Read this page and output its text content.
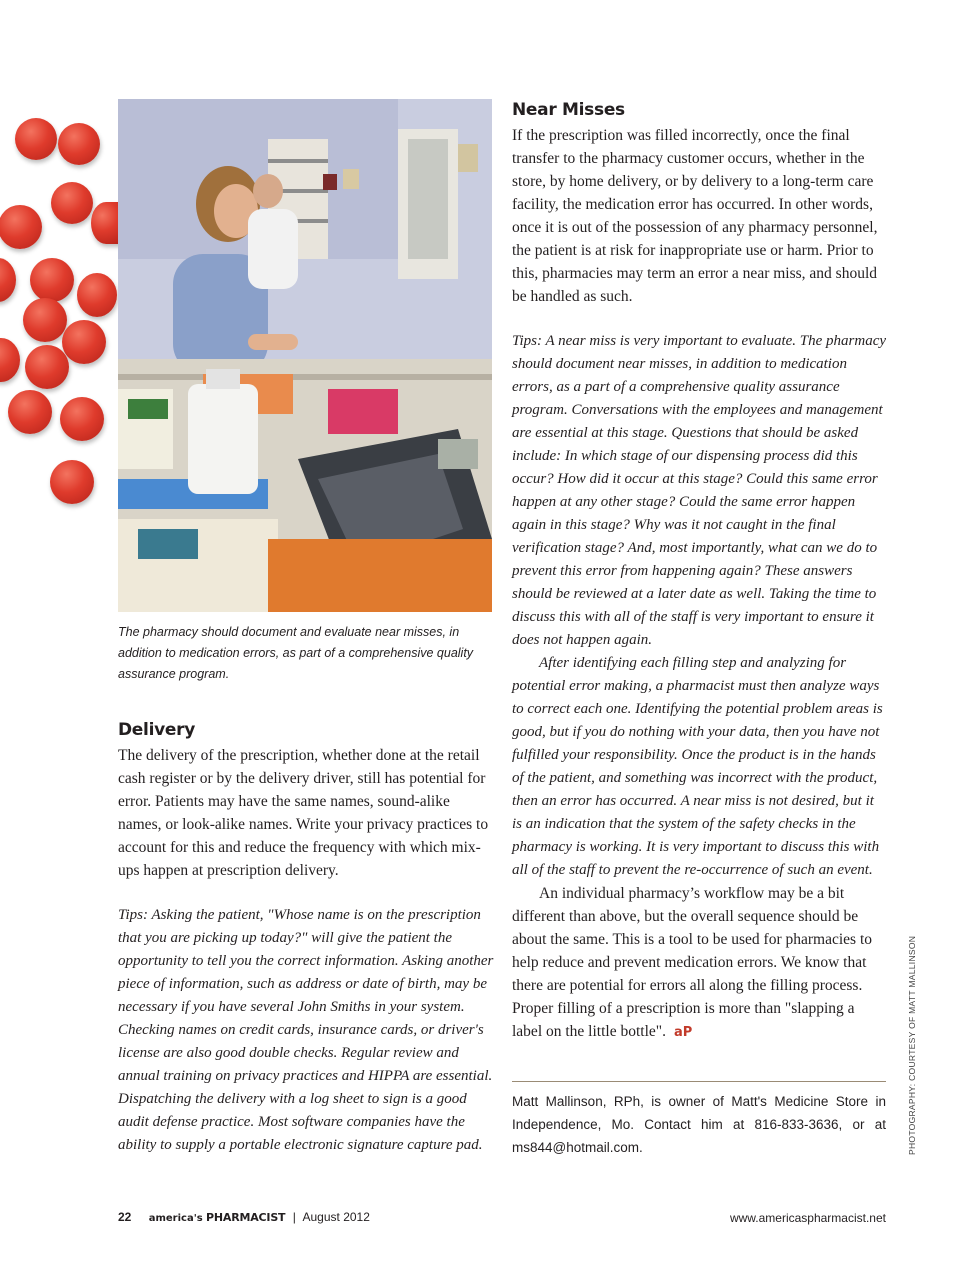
The pharmacy should document and evaluate near misses, in addition to medication errors, as part of a comprehensive quality assurance program.
Delivery

The delivery of the prescription, whether done at the retail cash register or by the delivery driver, still has potential for error. Patients may have the same names, sound-alike names, or look-alike names. Write your privacy practices to account for this and reduce the frequency with which mix-ups happen at prescription delivery.

Tips: Asking the patient, "Whose name is on the prescription that you are picking up today?" will give the patient the opportunity to tell you the correct information. Asking another piece of information, such as address or date of birth, may be necessary if you have several John Smiths in your system. Checking names on credit cards, insurance cards, or driver's license are also good double checks. Regular review and annual training on privacy practices and HIPPA are essential. Dispatching the delivery with a log sheet to sign is a good audit defense practice. Most software companies have the ability to supply a portable electronic signature capture pad.

Near Misses

If the prescription was filled incorrectly, once the final transfer to the pharmacy customer occurs, whether in the store, by home delivery, or by delivery to a long-term care facility, the medication error has occurred. In other words, once it is out of the possession of any pharmacy personnel, the patient is at risk for inappropriate use or harm. Prior to this, pharmacies may term an error a near miss, and should be handled as such.

Tips: A near miss is very important to evaluate. The pharmacy should document near misses, in addition to medication errors, as a part of a comprehensive quality assurance program. Conversations with the employees and management are essential at this stage. Questions that should be asked include: In which stage of our dispensing process did this occur? How did it occur at this stage? Could this same error happen at any other stage? Could the same error happen again in this stage? Why was it not caught in the final verification stage? And, most importantly, what can we do to prevent this error from happening again? These answers should be reviewed at a later date as well. Taking the time to discuss this with all of the staff is very important to ensure it does not happen again.

After identifying each filling step and analyzing for potential error making, a pharmacist must then analyze ways to correct each one. Identifying the potential problem areas is good, but if you do nothing with your data, then you have not fulfilled your responsibility. Once the product is in the hands of the patient, and something was incorrect with the product, then an error has occurred. A near miss is not desired, but it is an indication that the system of the safety checks in the pharmacy is working. It is very important to discuss this with all of the staff to prevent the re-occurrence of such an event.

An individual pharmacy’s workflow may be a bit different than above, but the overall sequence should be about the same. This is a tool to be used for pharmacies to help reduce and prevent medication errors. We know that there are potential for errors all along the filling process. Proper filling of a prescription is more than "slapping a label on the little bottle". aP

Matt Mallinson, RPh, is owner of Matt's Medicine Store in Independence, Mo. Contact him at 816-833-3636, or at ms844@hotmail.com.	PHOTOGRAPHY: COURTESY OF MATT MALLINSON
22 america's PHARMACIST | August 2012	www.americaspharmacist.net
